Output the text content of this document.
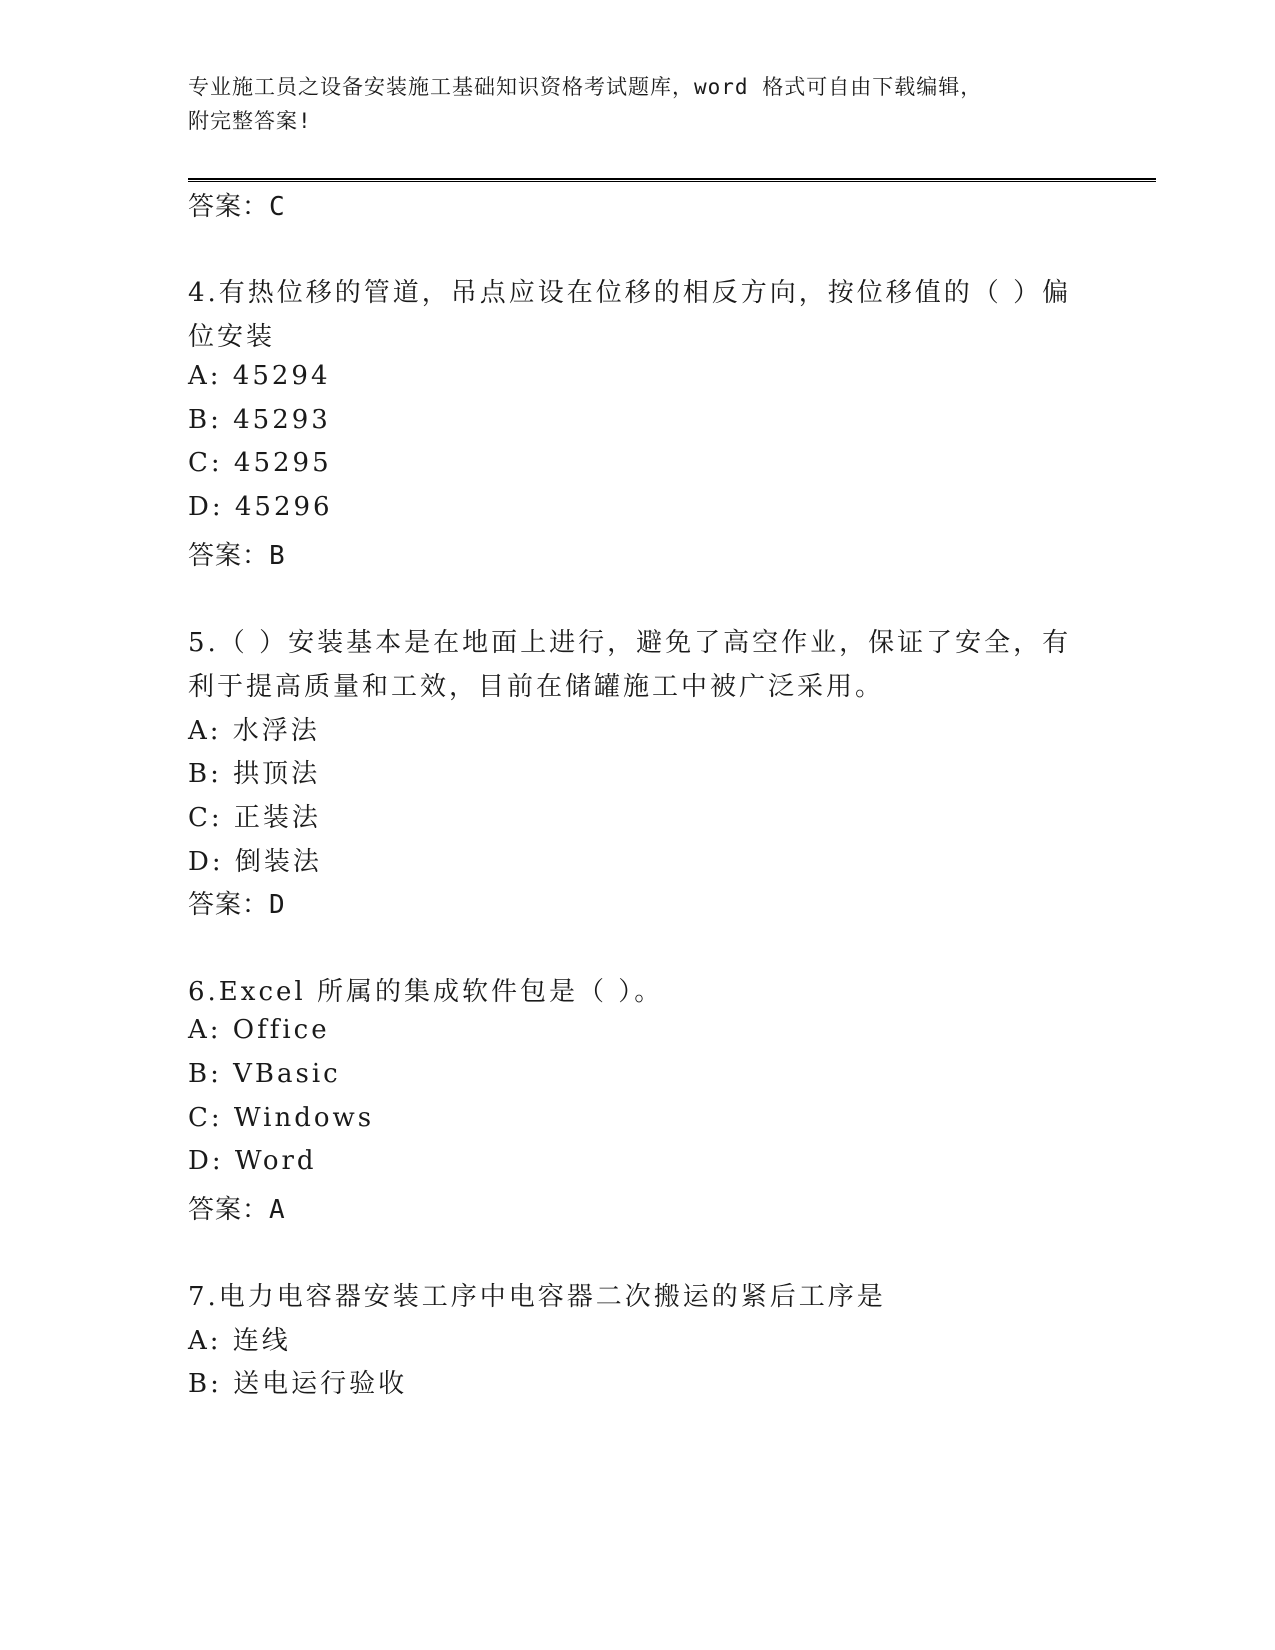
专业施工员之设备安装施工基础知识资格考试题库，word 格式可自由下载编辑，
附完整答案!
答案：C
4.有热位移的管道，吊点应设在位移的相反方向，按位移值的（ ）偏
位安装
A: 45294
B: 45293
C: 45295
D: 45296
答案：B
5.（ ）安装基本是在地面上进行，避免了高空作业，保证了安全，有
利于提高质量和工效，目前在储罐施工中被广泛采用。
A: 水浮法
B: 拱顶法
C: 正装法
D: 倒装法
答案：D
6.Excel 所属的集成软件包是（ ）。
A: Office
B: VBasic
C: Windows
D: Word
答案：A
7.电力电容器安装工序中电容器二次搬运的紧后工序是
A: 连线
B: 送电运行验收
